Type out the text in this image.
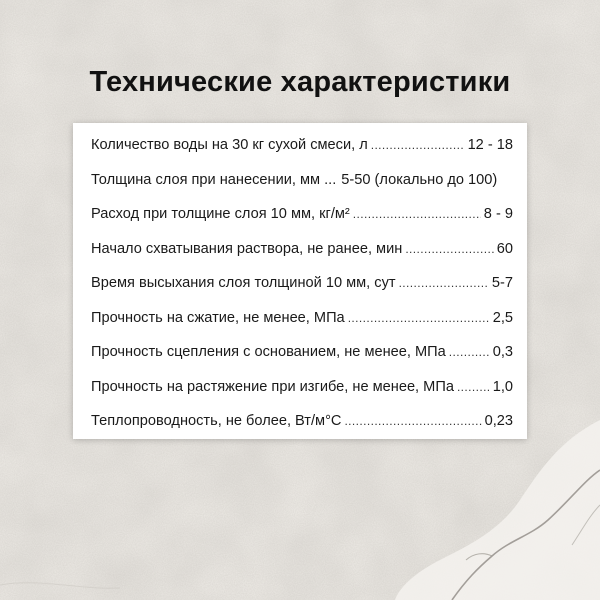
Технические характеристики
Количество воды на 30 кг сухой смеси, л .....	12 - 18
Толщина слоя при нанесении, мм ... 5-50 (локально до 100)
Расход при толщине слоя 10 мм, кг/м² .....	8 - 9
Начало схватывания раствора, не ранее, мин .....	60
Время высыхания слоя толщиной 10 мм, сут .....	5-7
Прочность на сжатие, не менее, МПа .....	2,5
Прочность сцепления с основанием, не менее, МПа .....	0,3
Прочность на растяжение при изгибе, не менее, МПа .....	1,0
Теплопроводность, не более, Вт/м°С .....	0,23
